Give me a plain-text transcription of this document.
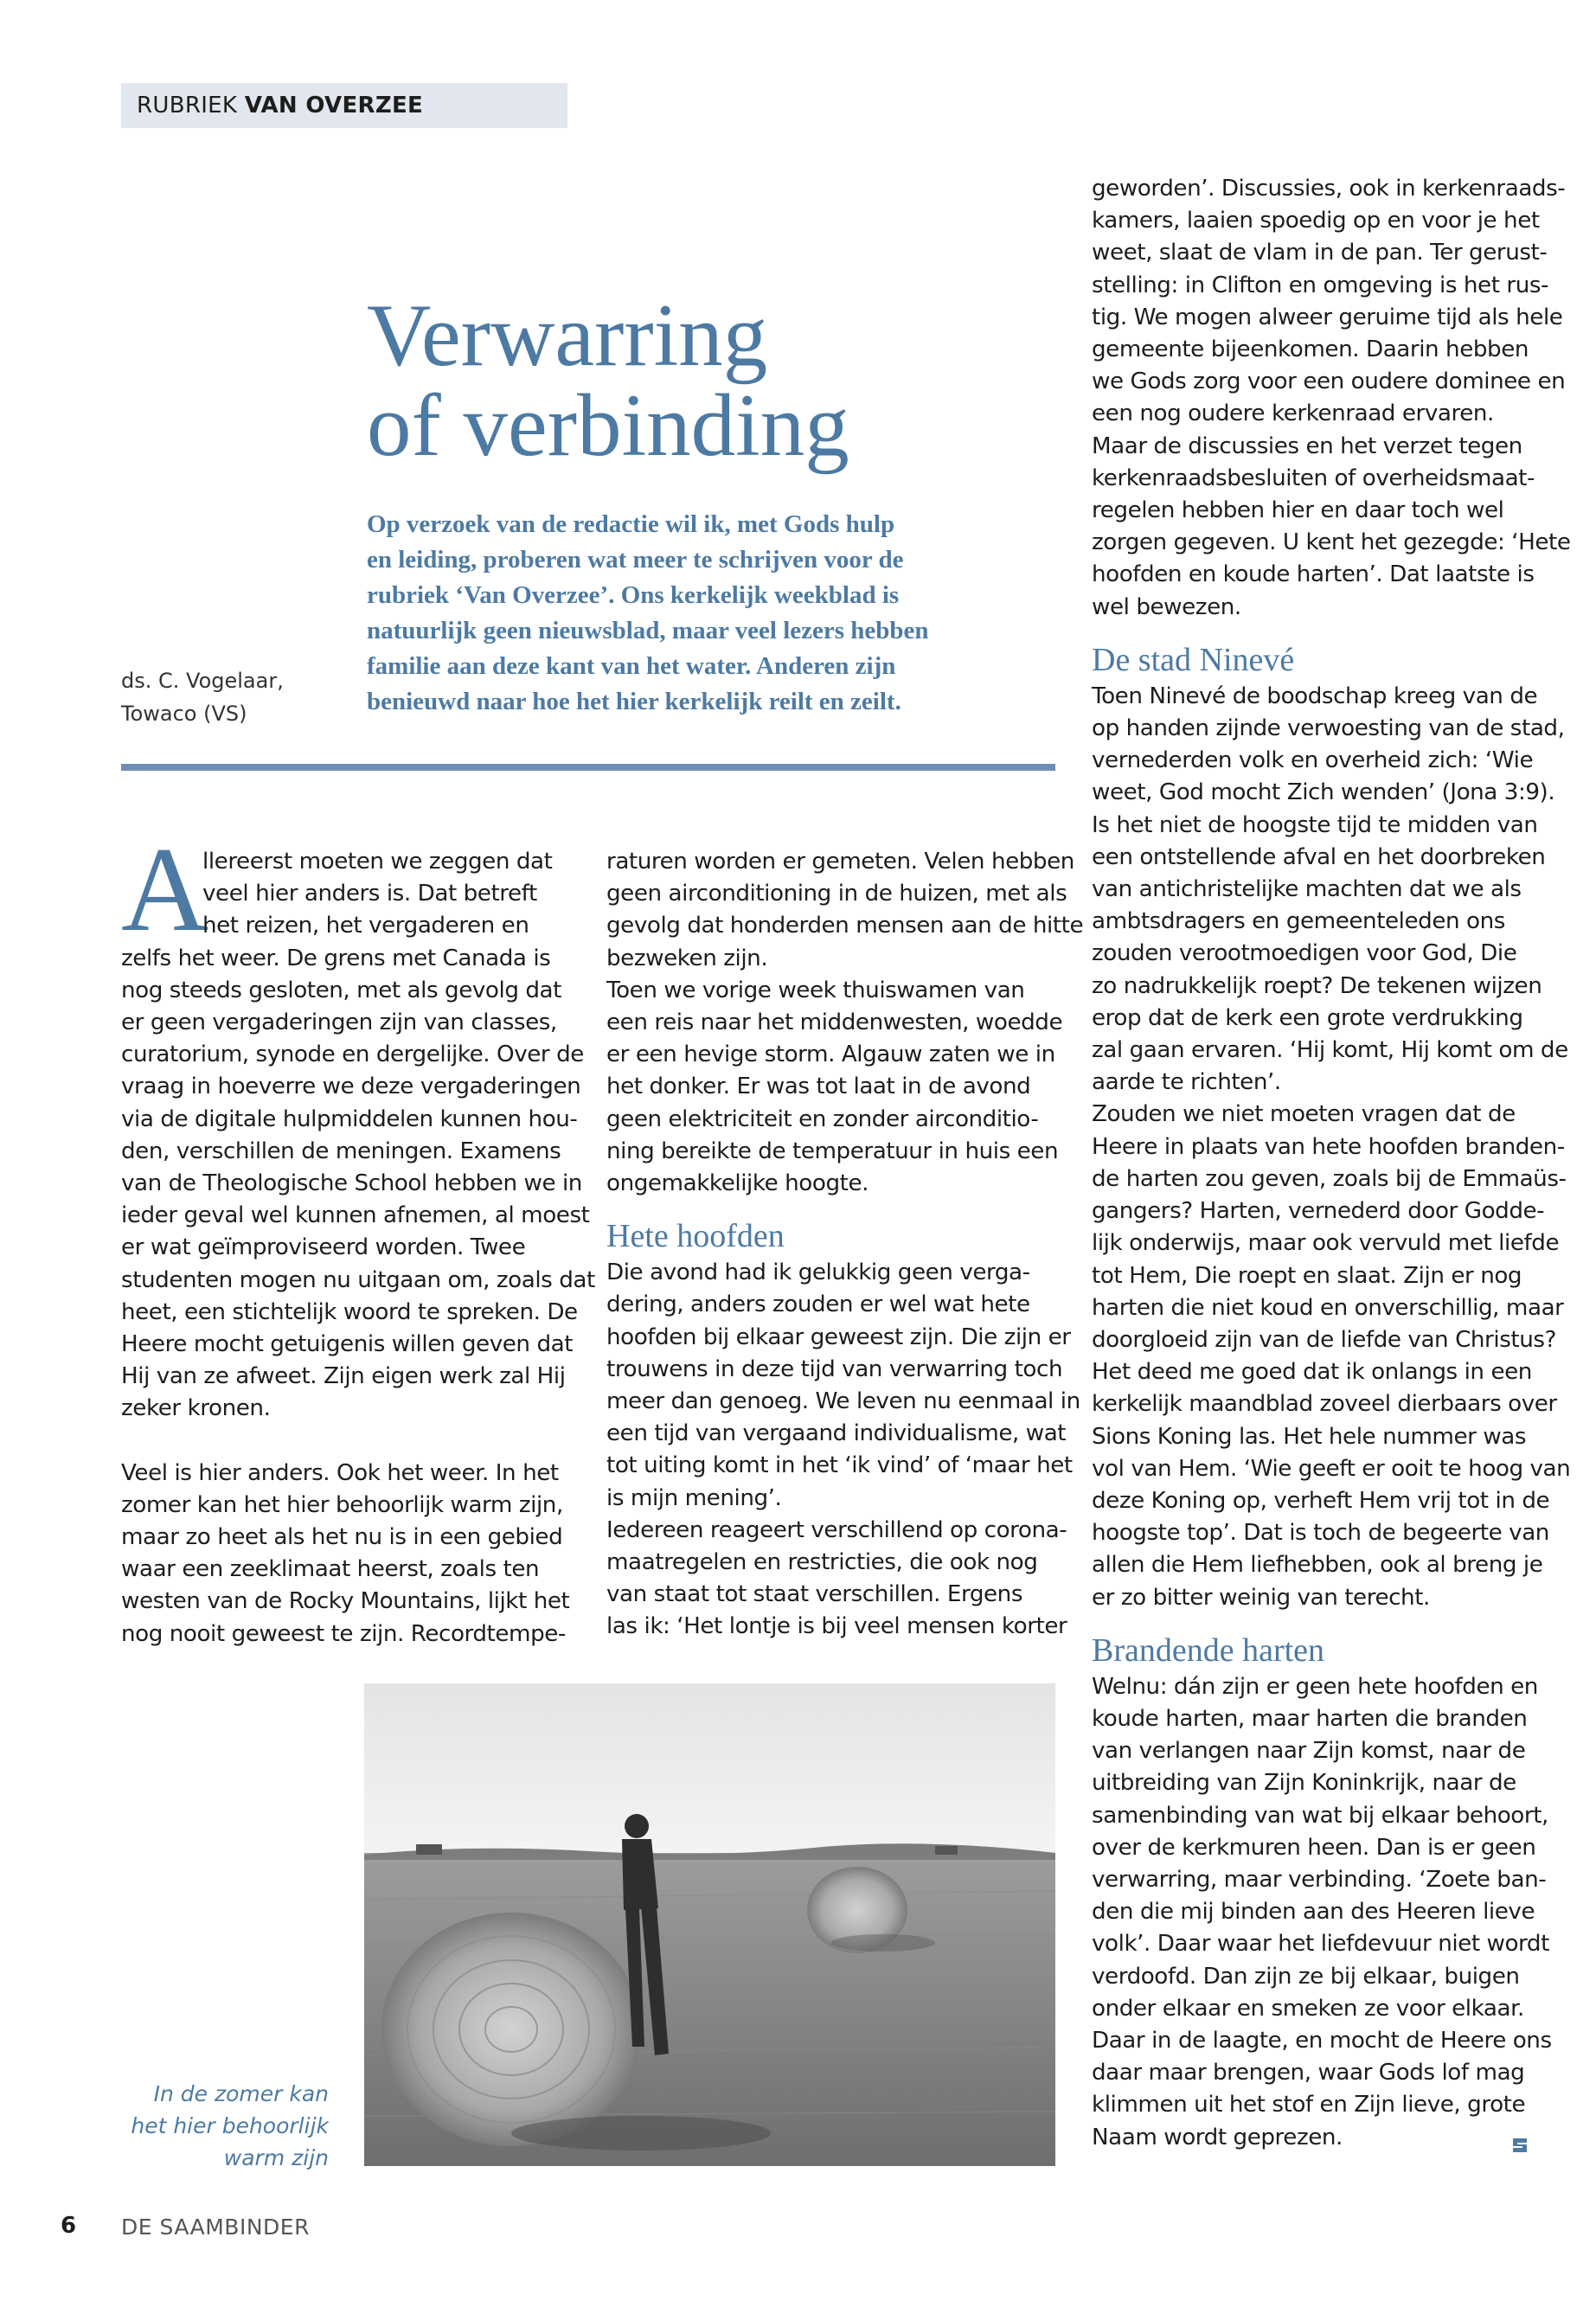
RUBRIEK VAN OVERZEE
Verwarring
of verbinding

Op verzoek van de redactie wil ik, met Gods hulp
en leiding, proberen wat meer te schrijven voor de
rubriek ‘Van Overzee’. Ons kerkelijk weekblad is
natuurlijk geen nieuwsblad, maar veel lezers hebben
familie aan deze kant van het water. Anderen zijn
benieuwd naar hoe het hier kerkelijk reilt en zeilt.

ds. C. Vogelaar,
Towaco (VS)
A
llereerst moeten we zeggen dat
veel hier anders is. Dat betreft
het reizen, het vergaderen en
zelfs het weer. De grens met Canada is
nog steeds gesloten, met als gevolg dat
er geen vergaderingen zijn van classes,
curatorium, synode en dergelijke. Over de
vraag in hoeverre we deze vergaderingen
via de digitale hulpmiddelen kunnen hou-
den, verschillen de meningen. Examens
van de Theologische School hebben we in
ieder geval wel kunnen afnemen, al moest
er wat geïmproviseerd worden. Twee
studenten mogen nu uitgaan om, zoals dat
heet, een stichtelijk woord te spreken. De
Heere mocht getuigenis willen geven dat
Hij van ze afweet. Zijn eigen werk zal Hij
zeker kronen.
Veel is hier anders. Ook het weer. In het
zomer kan het hier behoorlijk warm zijn,
maar zo heet als het nu is in een gebied
waar een zeeklimaat heerst, zoals ten
westen van de Rocky Mountains, lijkt het
nog nooit geweest te zijn. Recordtempe-
raturen worden er gemeten. Velen hebben
geen airconditioning in de huizen, met als
gevolg dat honderden mensen aan de hitte
bezweken zijn.
Toen we vorige week thuiswamen van
een reis naar het middenwesten, woedde
er een hevige storm. Algauw zaten we in
het donker. Er was tot laat in de avond
geen elektriciteit en zonder airconditio-
ning bereikte de temperatuur in huis een
ongemakkelijke hoogte.
Hete hoofden
Die avond had ik gelukkig geen verga-
dering, anders zouden er wel wat hete
hoofden bij elkaar geweest zijn. Die zijn er
trouwens in deze tijd van verwarring toch
meer dan genoeg. We leven nu eenmaal in
een tijd van vergaand individualisme, wat
tot uiting komt in het ‘ik vind’ of ‘maar het
is mijn mening’.
Iedereen reageert verschillend op corona-
maatregelen en restricties, die ook nog
van staat tot staat verschillen. Ergens
las ik: ‘Het lontje is bij veel mensen korter
geworden’. Discussies, ook in kerkenraads-
kamers, laaien spoedig op en voor je het
weet, slaat de vlam in de pan. Ter gerust-
stelling: in Clifton en omgeving is het rus-
tig. We mogen alweer geruime tijd als hele
gemeente bijeenkomen. Daarin hebben
we Gods zorg voor een oudere dominee en
een nog oudere kerkenraad ervaren.
Maar de discussies en het verzet tegen
kerkenraadsbesluiten of overheidsmaat-
regelen hebben hier en daar toch wel
zorgen gegeven. U kent het gezegde: ‘Hete
hoofden en koude harten’. Dat laatste is
wel bewezen.
De stad Ninevé
Toen Ninevé de boodschap kreeg van de
op handen zijnde verwoesting van de stad,
vernederden volk en overheid zich: ‘Wie
weet, God mocht Zich wenden’ (Jona 3:9).
Is het niet de hoogste tijd te midden van
een ontstellende afval en het doorbreken
van antichristelijke machten dat we als
ambtsdragers en gemeenteleden ons
zouden verootmoedigen voor God, Die
zo nadrukkelijk roept? De tekenen wijzen
erop dat de kerk een grote verdrukking
zal gaan ervaren. ‘Hij komt, Hij komt om de
aarde te richten’.
Zouden we niet moeten vragen dat de
Heere in plaats van hete hoofden branden-
de harten zou geven, zoals bij de Emmaüs-
gangers? Harten, vernederd door Godde-
lijk onderwijs, maar ook vervuld met liefde
tot Hem, Die roept en slaat. Zijn er nog
harten die niet koud en onverschillig, maar
doorgloeid zijn van de liefde van Christus?
Het deed me goed dat ik onlangs in een
kerkelijk maandblad zoveel dierbaars over
Sions Koning las. Het hele nummer was
vol van Hem. ‘Wie geeft er ooit te hoog van
deze Koning op, verheft Hem vrij tot in de
hoogste top’. Dat is toch de begeerte van
allen die Hem liefhebben, ook al breng je
er zo bitter weinig van terecht.
Brandende harten
Welnu: dán zijn er geen hete hoofden en
koude harten, maar harten die branden
van verlangen naar Zijn komst, naar de
uitbreiding van Zijn Koninkrijk, naar de
samenbinding van wat bij elkaar behoort,
over de kerkmuren heen. Dan is er geen
verwarring, maar verbinding. ‘Zoete ban-
den die mij binden aan des Heeren lieve
volk’. Daar waar het liefdevuur niet wordt
verdoofd. Dan zijn ze bij elkaar, buigen
onder elkaar en smeken ze voor elkaar.
Daar in de laagte, en mocht de Heere ons
daar maar brengen, waar Gods lof mag
klimmen uit het stof en Zijn lieve, grote
Naam wordt geprezen.
In de zomer kan
het hier behoorlijk
warm zijn
6 DE SAAMBINDER
